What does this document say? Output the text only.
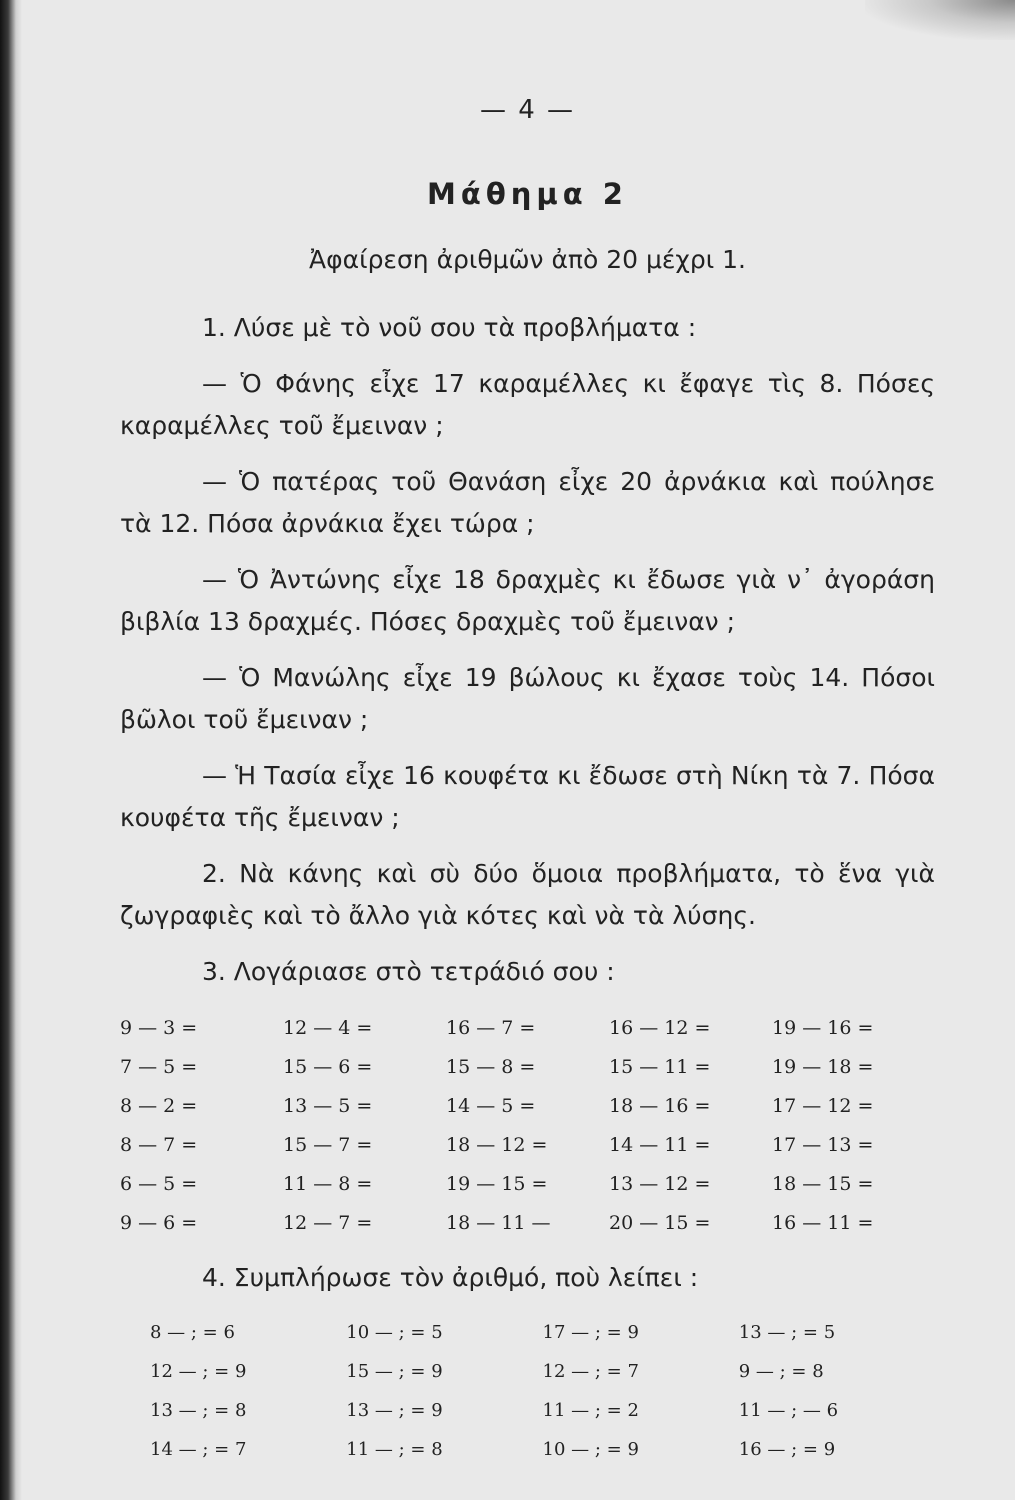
— 4 —
Μάθημα 2
Ἀφαίρεση ἀριθμῶν ἀπὸ 20 μέχρι 1.

1. Λύσε μὲ τὸ νοῦ σου τὰ προβλήματα :

— Ὁ Φάνης εἶχε 17 καραμέλλες κι ἔφαγε τὶς 8. Πόσες καραμέλλες τοῦ ἔμειναν ;

— Ὁ πατέρας τοῦ Θανάση εἶχε 20 ἀρνάκια καὶ πούλησε τὰ 12. Πόσα ἀρνάκια ἔχει τώρα ;

— Ὁ Ἀντώνης εἶχε 18 δραχμὲς κι ἔδωσε γιὰ ν᾽ ἀγοράση βιβλία 13 δραχμές. Πόσες δραχμὲς τοῦ ἔμειναν ;

— Ὁ Μανώλης εἶχε 19 βώλους κι ἔχασε τοὺς 14. Πόσοι βῶλοι τοῦ ἔμειναν ;

— Ἡ Τασία εἶχε 16 κουφέτα κι ἔδωσε στὴ Νίκη τὰ 7. Πόσα κουφέτα τῆς ἔμειναν ;

2. Νὰ κάνης καὶ σὺ δύο ὅμοια προβλήματα, τὸ ἕνα γιὰ ζωγραφιὲς καὶ τὸ ἄλλο γιὰ κότες καὶ νὰ τὰ λύσης.

3. Λογάριασε στὸ τετράδιό σου :

9 — 3 =	12 — 4 =	16 — 7 =	16 — 12 =	19 — 16 =
7 — 5 =	15 — 6 =	15 — 8 =	15 — 11 =	19 — 18 =
8 — 2 =	13 — 5 =	14 — 5 =	18 — 16 =	17 — 12 =
8 — 7 =	15 — 7 =	18 — 12 =	14 — 11 =	17 — 13 =
6 — 5 =	11 — 8 =	19 — 15 =	13 — 12 =	18 — 15 =
9 — 6 =	12 — 7 =	18 — 11 —	20 — 15 =	16 — 11 =

4. Συμπλήρωσε τὸν ἀριθμό, ποὺ λείπει :

8 — ; = 6	10 — ; = 5	17 — ; = 9	13 — ; = 5
12 — ; = 9	15 — ; = 9	12 — ; = 7	9 — ; = 8
13 — ; = 8	13 — ; = 9	11 — ; = 2	11 — ; — 6
14 — ; = 7	11 — ; = 8	10 — ; = 9	16 — ; = 9
